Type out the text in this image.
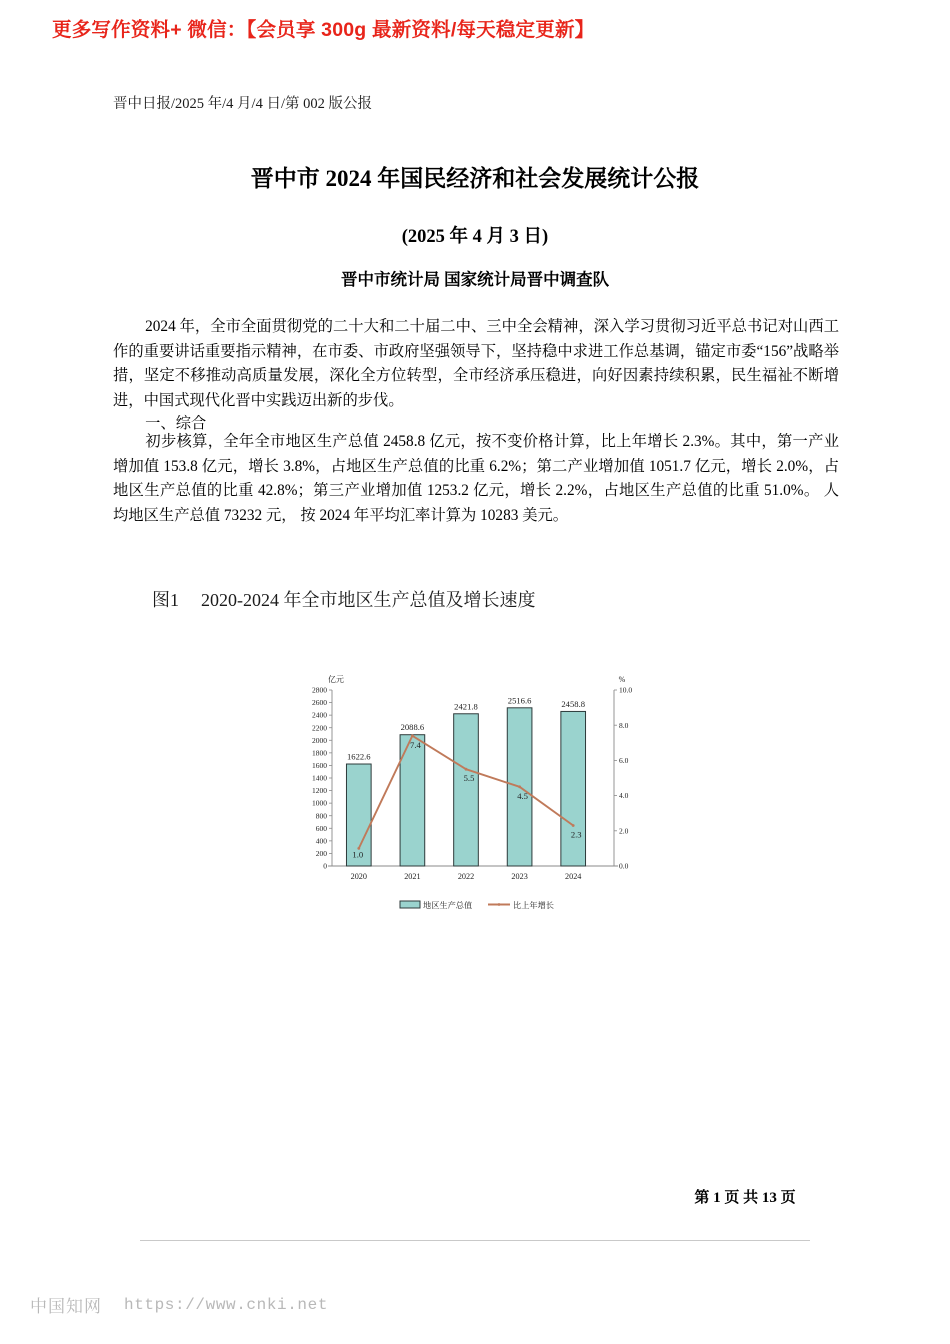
更多写作资料+ 微信：【会员享 300g 最新资料/每天稳定更新】
晋中日报/2025 年/4 月/4 日/第 002 版公报
晋中市 2024 年国民经济和社会发展统计公报
(2025 年 4 月 3 日)
晋中市统计局 国家统计局晋中调查队
2024 年，全市全面贯彻党的二十大和二十届二中、三中全会精神，深入学习贯彻习近平总书记对山西工作的重要讲话重要指示精神，在市委、市政府坚强领导下，坚持稳中求进工作总基调，锚定市委“156”战略举措，坚定不移推动高质量发展，深化全方位转型，全市经济承压稳进，向好因素持续积累，民生福祉不断增进，中国式现代化晋中实践迈出新的步伐。
一、综合
初步核算，全年全市地区生产总值 2458.8 亿元，按不变价格计算，比上年增长 2.3%。其中，第一产业增加值 153.8 亿元，增长 3.8%，占地区生产总值的比重 6.2%；第二产业增加值 1051.7 亿元，增长 2.0%，占地区生产总值的比重 42.8%；第三产业增加值 1253.2 亿元，增长 2.2%，占地区生产总值的比重 51.0%。 人均地区生产总值 73232 元， 按 2024 年平均汇率计算为 10283 美元。
图1 2020-2024 年全市地区生产总值及增长速度
亿元	%
2800
2600
2400
2200
2000
1800
1600
1400
1200
1000
800
600
400
200
0
10.0
8.0
6.0
4.0
2.0
0.0
1622.6
2020
2088.6
2021
2421.8
2022
2516.6
2023
2458.8
2024
1.0
7.4
5.5
4.5
2.3
地区生产总值	比上年增长
第 1 页 共 13 页
中国知网 https://www.cnki.net
